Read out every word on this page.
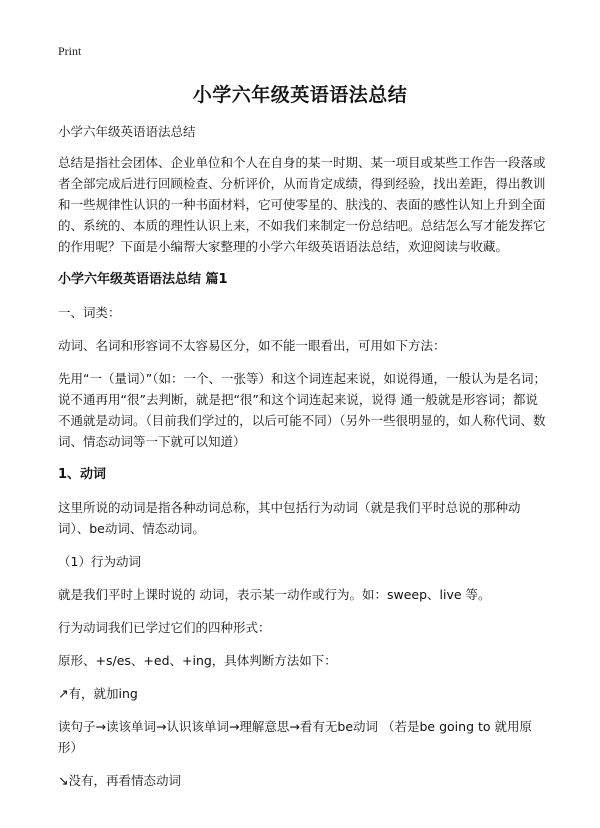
Print
小学六年级英语语法总结

小学六年级英语语法总结

总结是指社会团体、企业单位和个人在自身的某一时期、某一项目或某些工作告一段落或者全部完成后进行回顾检查、分析评价，从而肯定成绩，得到经验，找出差距，得出教训和一些规律性认识的一种书面材料，它可使零星的、肤浅的、表面的感性认知上升到全面的、系统的、本质的理性认识上来，不如我们来制定一份总结吧。总结怎么写才能发挥它的作用呢？下面是小编帮大家整理的小学六年级英语语法总结，欢迎阅读与收藏。

小学六年级英语语法总结 篇1

一、词类：

动词、名词和形容词不太容易区分，如不能一眼看出，可用如下方法：

先用“一（量词）”（如：一个、一张等）和这个词连起来说，如说得通，一般认为是名词；说不通再用“很”去判断，就是把“很”和这个词连起来说，说得 通一般就是形容词；都说不通就是动词。（目前我们学过的，以后可能不同）（另外一些很明显的，如人称代词、数词、情态动词等一下就可以知道）

1、动词

这里所说的动词是指各种动词总称，其中包括行为动词（就是我们平时总说的那种动词）、be动词、情态动词。

（1）行为动词

就是我们平时上课时说的 动词，表示某一动作或行为。如：sweep、live 等。

行为动词我们已学过它们的四种形式：

原形、+s/es、+ed、+ing，具体判断方法如下：

↗有，就加ing

读句子→读该单词→认识该单词→理解意思→看有无be动词 （若是be going to 就用原形）

↘没有，再看情态动词
